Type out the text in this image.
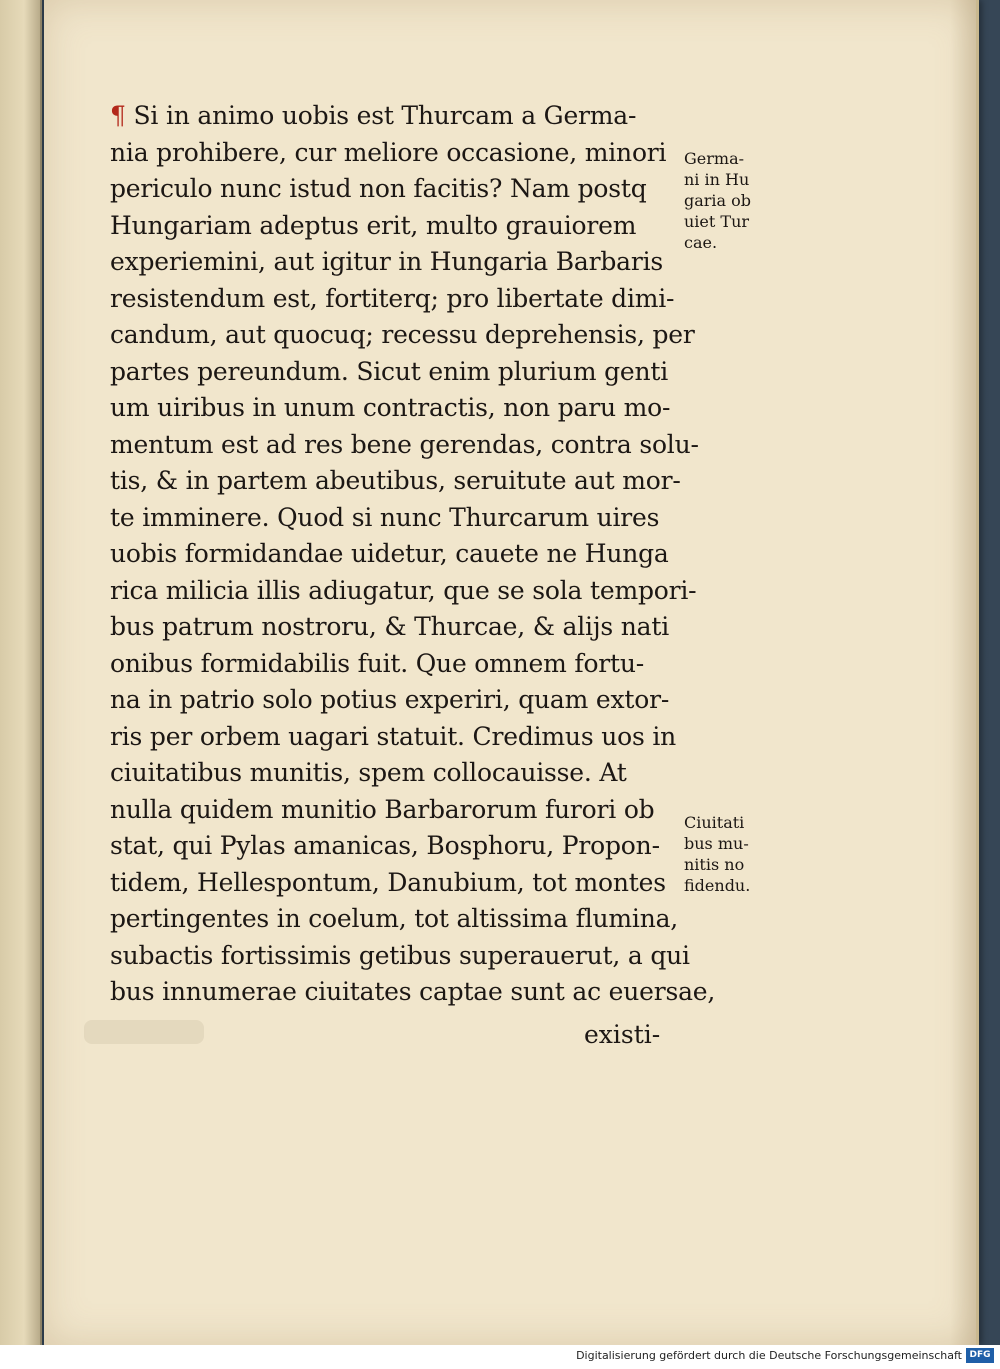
¶ Si in animo uobis est Thurcam a Germa-
nia prohibere, cur meliore occasione, minori
periculo nunc istud non facitis? Nam postq
Hungariam adeptus erit, multo grauiorem
experiemini, aut igitur in Hungaria Barbaris
resistendum est, fortiterq; pro libertate dimi-
candum, aut quocuq; recessu deprehensis, per
partes pereundum. Sicut enim plurium genti
um uiribus in unum contractis, non paru mo-
mentum est ad res bene gerendas, contra solu-
tis, & in partem abeutibus, seruitute aut mor-
te imminere. Quod si nunc Thurcarum uires
uobis formidandae uidetur, cauete ne Hunga
rica milicia illis adiugatur, que se sola tempori-
bus patrum nostroru, & Thurcae, & alijs nati
onibus formidabilis fuit. Que omnem fortu-
na in patrio solo potius experiri, quam extor-
ris per orbem uagari statuit. Credimus uos in
ciuitatibus munitis, spem collocauisse. At
nulla quidem munitio Barbarorum furori ob
stat, qui Pylas amanicas, Bosphoru, Propon-
tidem, Hellespontum, Danubium, tot montes
pertingentes in coelum, tot altissima flumina,
subactis fortissimis getibus superauerut, a qui
bus innumerae ciuitates captae sunt ac euersae,
Germa-
ni in Hu
garia ob
uiet Tur
cae.
Ciuitati
bus mu-
nitis no
fidendu.
existi-
Digitalisierung gefördert durch die Deutsche Forschungsgemeinschaft DFG
